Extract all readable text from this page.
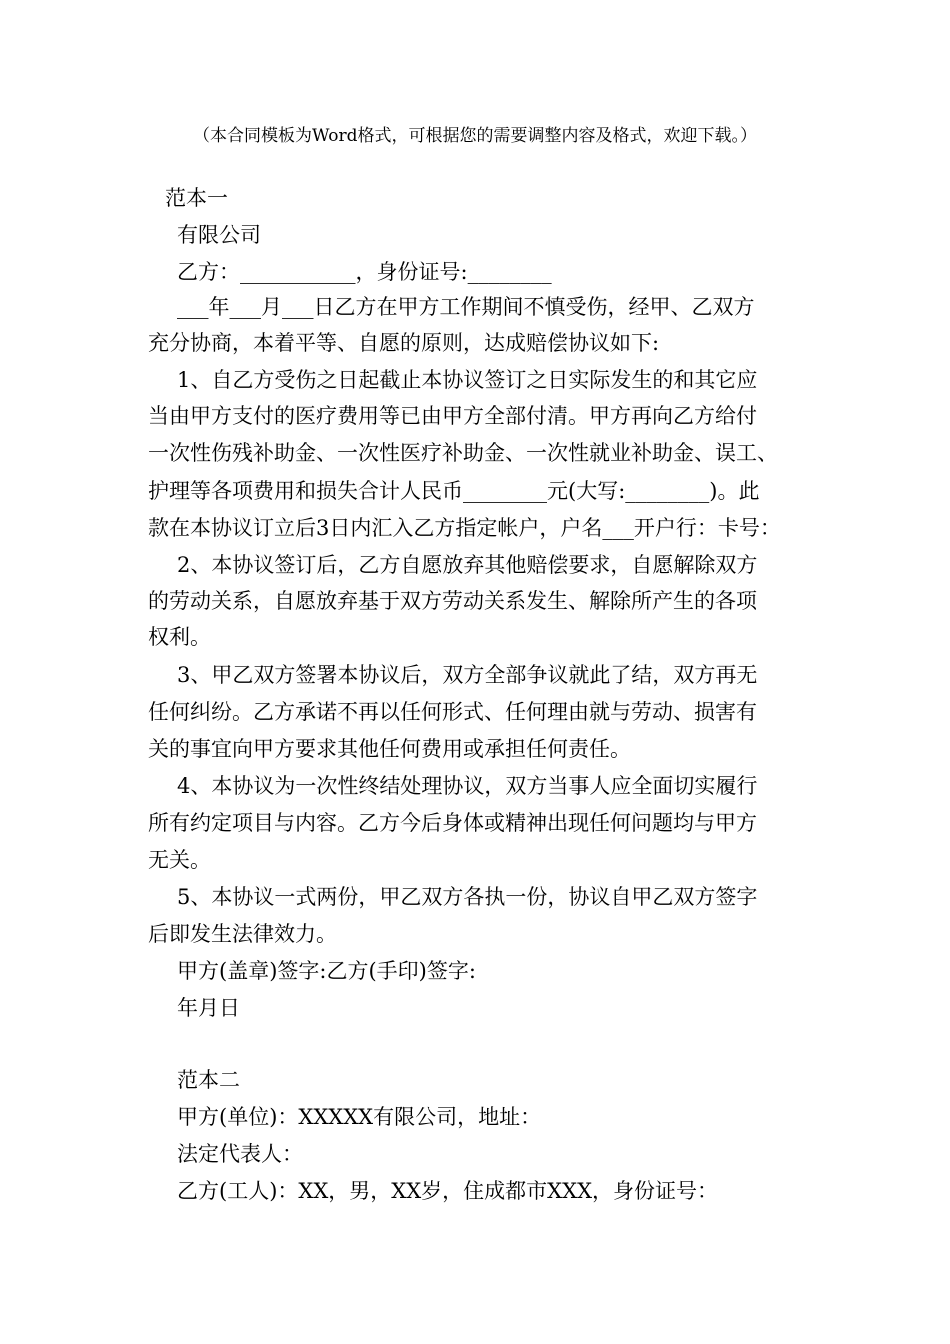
（本合同模板为Word格式，可根据您的需要调整内容及格式，欢迎下载。）
范本一
有限公司
乙方：___________，身份证号:________
___年___月___日乙方在甲方工作期间不慎受伤，经甲、乙双方
充分协商，本着平等、自愿的原则，达成赔偿协议如下:
1、自乙方受伤之日起截止本协议签订之日实际发生的和其它应
当由甲方支付的医疗费用等已由甲方全部付清。甲方再向乙方给付
一次性伤残补助金、一次性医疗补助金、一次性就业补助金、误工、
护理等各项费用和损失合计人民币________元(大写:________)。此
款在本协议订立后3日内汇入乙方指定帐户，户名___开户行：卡号：
2、本协议签订后，乙方自愿放弃其他赔偿要求，自愿解除双方
的劳动关系，自愿放弃基于双方劳动关系发生、解除所产生的各项
权利。
3、甲乙双方签署本协议后，双方全部争议就此了结，双方再无
任何纠纷。乙方承诺不再以任何形式、任何理由就与劳动、损害有
关的事宜向甲方要求其他任何费用或承担任何责任。
4、本协议为一次性终结处理协议，双方当事人应全面切实履行
所有约定项目与内容。乙方今后身体或精神出现任何问题均与甲方
无关。
5、本协议一式两份，甲乙双方各执一份，协议自甲乙双方签字
后即发生法律效力。
甲方(盖章)签字:乙方(手印)签字:
年月日
范本二
甲方(单位)：XXXXX有限公司，地址：
法定代表人：
乙方(工人)：XX，男，XX岁，住成都市XXX，身份证号：
